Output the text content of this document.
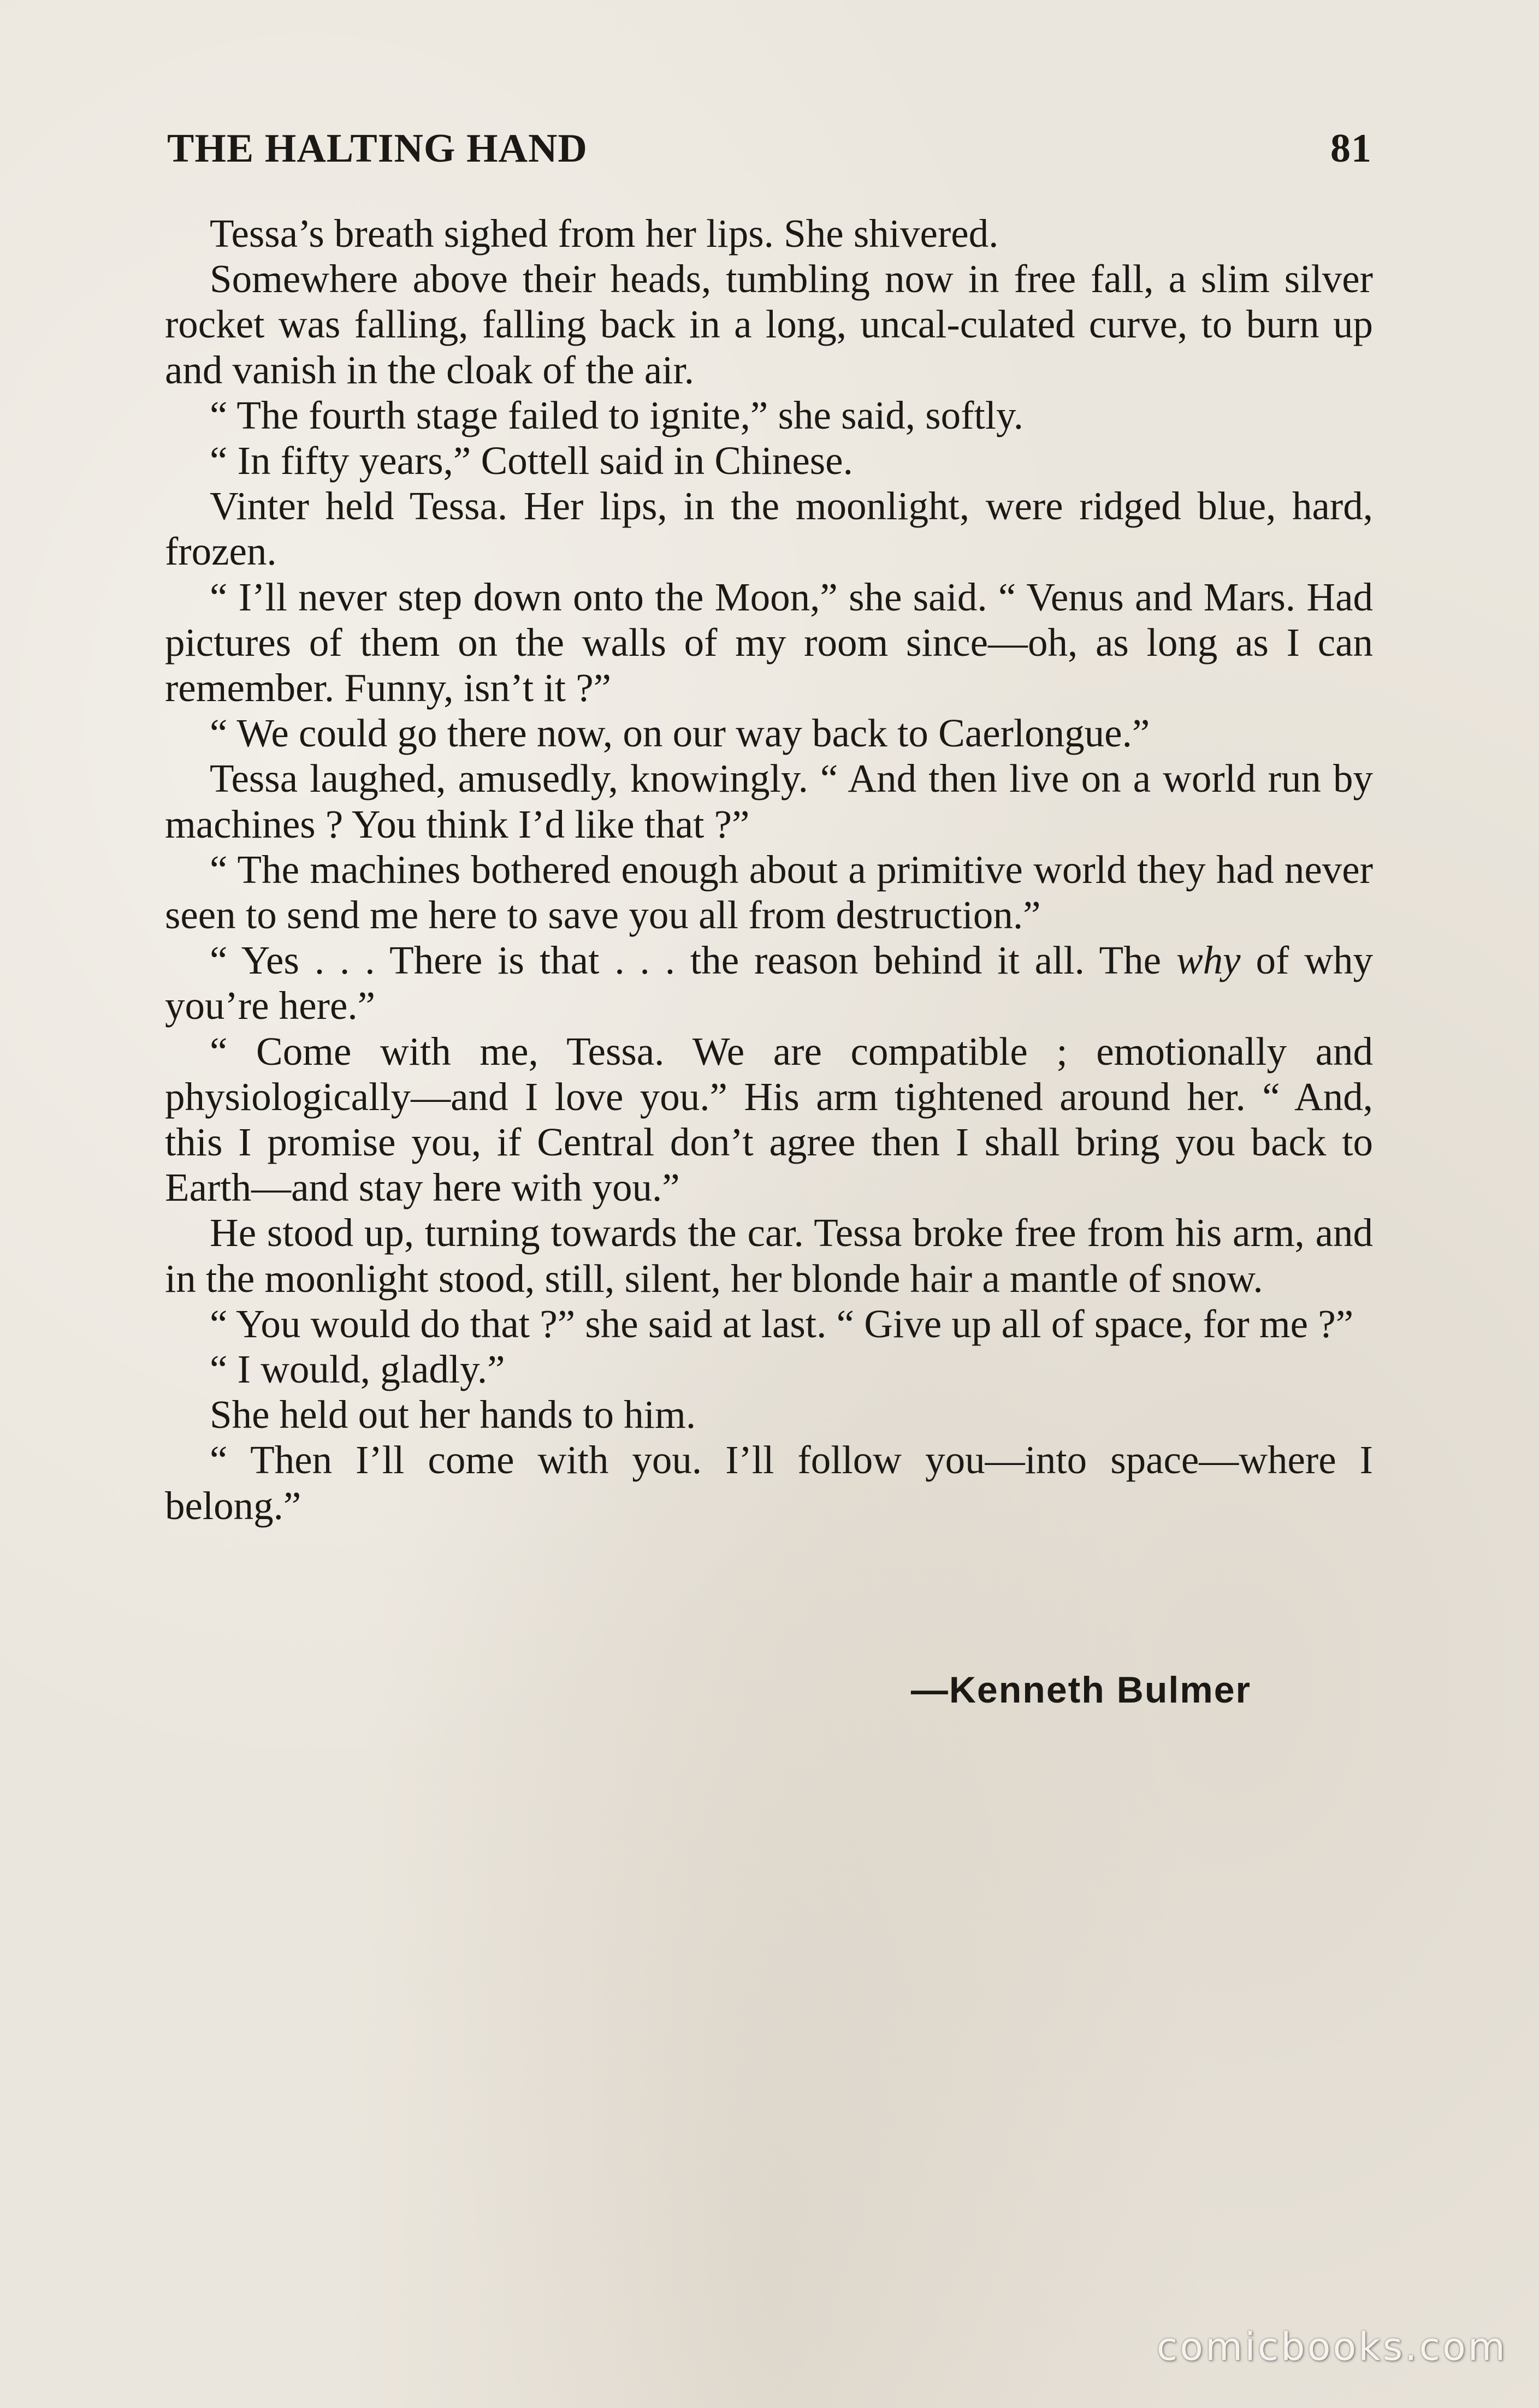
THE HALTING HAND	81

Tessa’s breath sighed from her lips. She shivered.

Somewhere above their heads, tumbling now in free fall, a slim silver rocket was falling, falling back in a long, uncal-culated curve, to burn up and vanish in the cloak of the air.

“ The fourth stage failed to ignite,” she said, softly.

“ In fifty years,” Cottell said in Chinese.

Vinter held Tessa. Her lips, in the moonlight, were ridged blue, hard, frozen.

“ I’ll never step down onto the Moon,” she said. “ Venus and Mars. Had pictures of them on the walls of my room since—oh, as long as I can remember. Funny, isn’t it ?”

“ We could go there now, on our way back to Caerlongue.”

Tessa laughed, amusedly, knowingly. “ And then live on a world run by machines ? You think I’d like that ?”

“ The machines bothered enough about a primitive world they had never seen to send me here to save you all from destruction.”

“ Yes . . . There is that . . . the reason behind it all. The why of why you’re here.”

“ Come with me, Tessa. We are compatible ; emotionally and physiologically—and I love you.” His arm tightened around her. “ And, this I promise you, if Central don’t agree then I shall bring you back to Earth—and stay here with you.”

He stood up, turning towards the car. Tessa broke free from his arm, and in the moonlight stood, still, silent, her blonde hair a mantle of snow.

“ You would do that ?” she said at last. “ Give up all of space, for me ?”

“ I would, gladly.”

She held out her hands to him.

“ Then I’ll come with you. I’ll follow you—into space—where I belong.”

—Kenneth Bulmer
comicbooks.com
